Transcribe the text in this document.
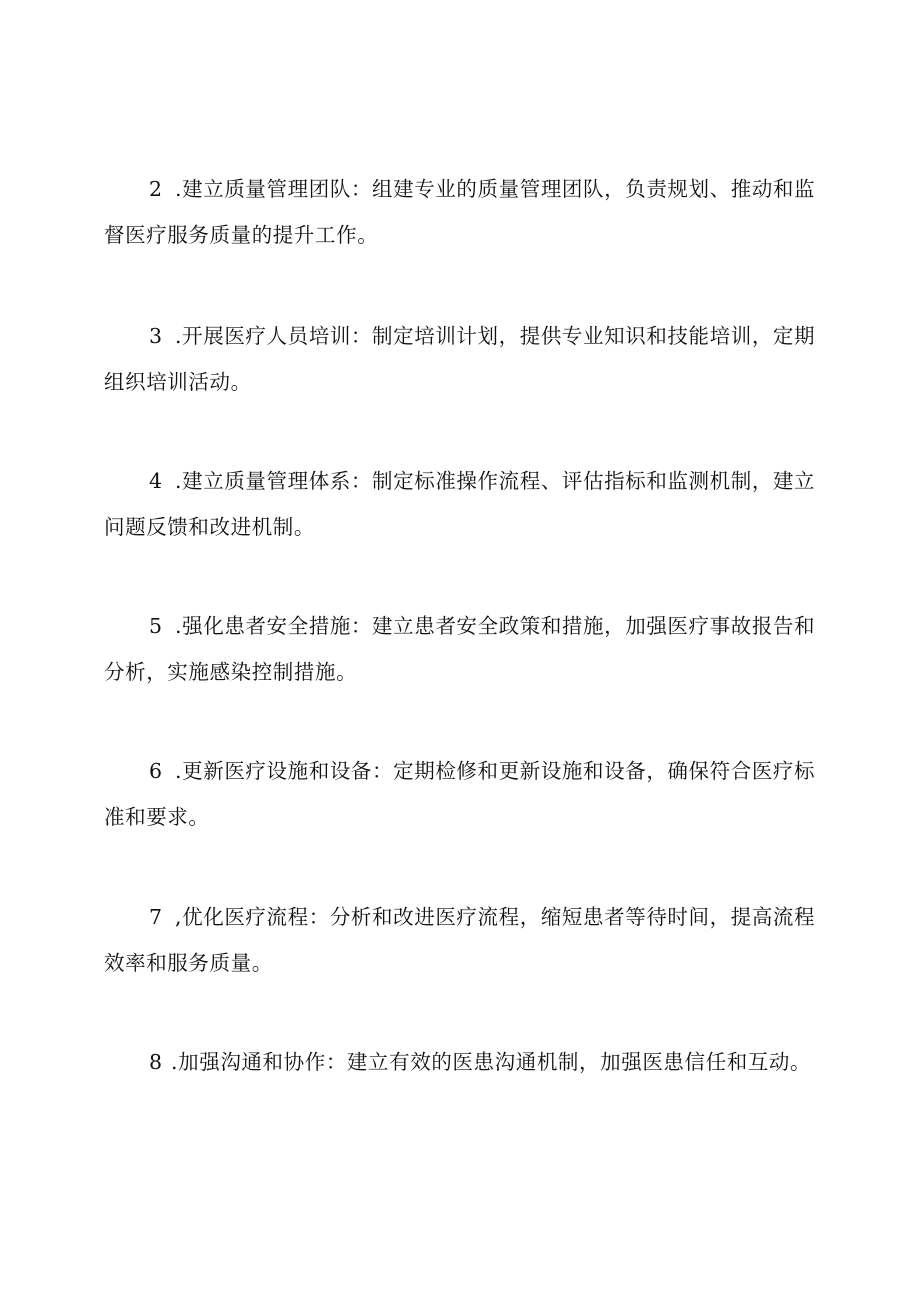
2 .建立质量管理团队：组建专业的质量管理团队，负责规划、推动和监督医疗服务质量的提升工作。

3 .开展医疗人员培训：制定培训计划，提供专业知识和技能培训，定期组织培训活动。

4 .建立质量管理体系：制定标准操作流程、评估指标和监测机制，建立问题反馈和改进机制。

5 .强化患者安全措施：建立患者安全政策和措施，加强医疗事故报告和分析，实施感染控制措施。

6 .更新医疗设施和设备：定期检修和更新设施和设备，确保符合医疗标准和要求。

7 ,优化医疗流程：分析和改进医疗流程，缩短患者等待时间，提高流程效率和服务质量。

8 .加强沟通和协作：建立有效的医患沟通机制，加强医患信任和互动。
